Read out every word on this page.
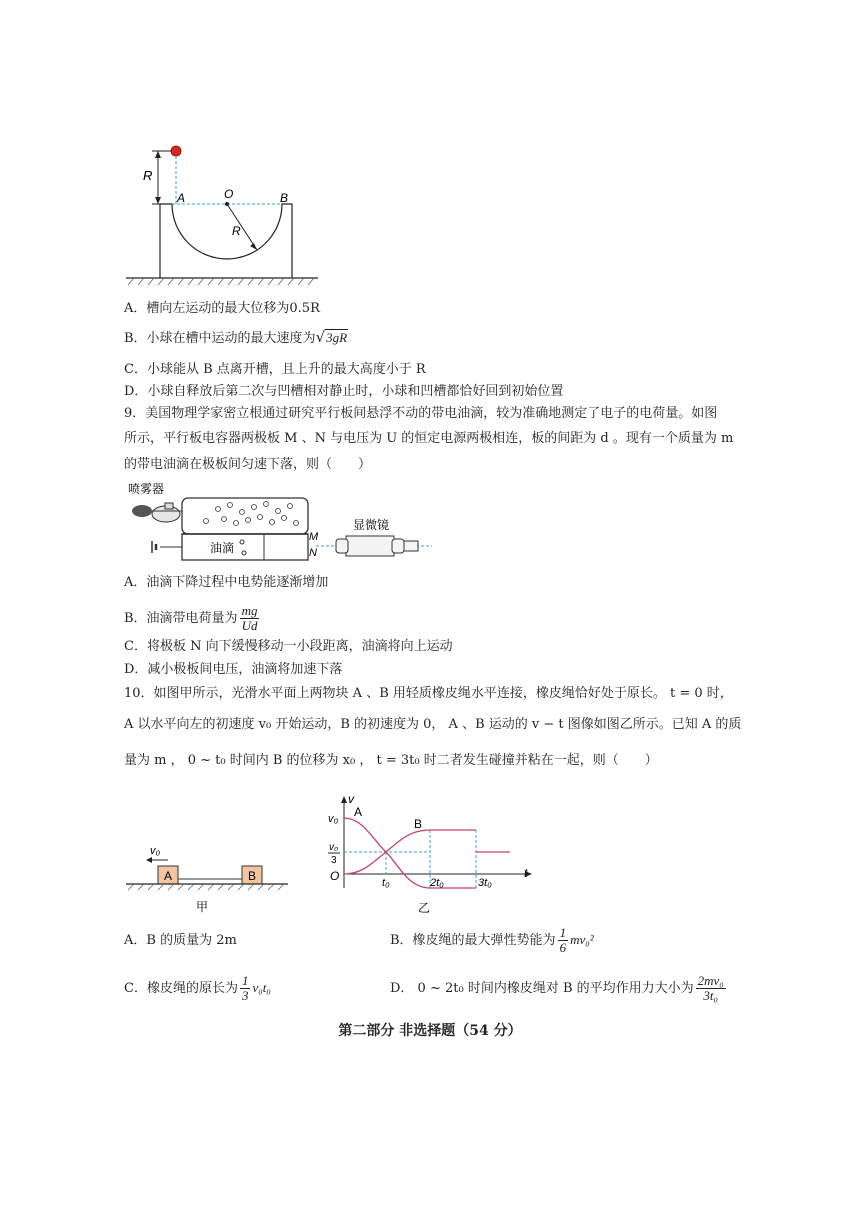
R
A	O	B
R
A．槽向左运动的最大位移为0.5R
B．小球在槽中运动的最大速度为√3gR
C．小球能从 B 点离开槽，且上升的最大高度小于 R
D．小球自释放后第二次与凹槽相对静止时，小球和凹槽都恰好回到初始位置
9．美国物理学家密立根通过研究平行板间悬浮不动的带电油滴，较为准确地测定了电子的电荷量。如图
所示，平行板电容器两极板 M 、N 与电压为 U 的恒定电源两极相连，板的间距为 d 。现有一个质量为 m
的带电油滴在极板间匀速下落，则（　　）
喷雾器
油滴
M
N
显微镜
A．油滴下降过程中电势能逐渐增加
B．油滴带电荷量为 $\frac{mg}{Ud}$
C．将极板 N 向下缓慢移动一小段距离，油滴将向上运动
D．减小极板间电压，油滴将加速下落
10．如图甲所示，光滑水平面上两物块 A 、B 用轻质橡皮绳水平连接，橡皮绳恰好处于原长。 t = 0 时，
A 以水平向左的初速度 v₀ 开始运动，B 的初速度为 0， A 、B 运动的 v − t 图像如图乙所示。已知 A 的质
量为 m ， 0 ~ t₀ 时间内 B 的位移为 x₀ ， t = 3t₀ 时二者发生碰撞并粘在一起，则（　　）
v₀
A	B
甲
v
t
O
v₀
v₀
3
A
B
t₀	2t₀	3t₀
乙
A．B 的质量为 2m	B．橡皮绳的最大弹性势能为 $\frac{1}{6} mv_0^2$
C．橡皮绳的原长为 $\frac{1}{3} v_0t_0$	D． 0 ~ 2t₀ 时间内橡皮绳对 B 的平均作用力大小为 $\frac{\text{2mv₀}}{\text{3t₀}}$
第二部分 非选择题（54 分）
